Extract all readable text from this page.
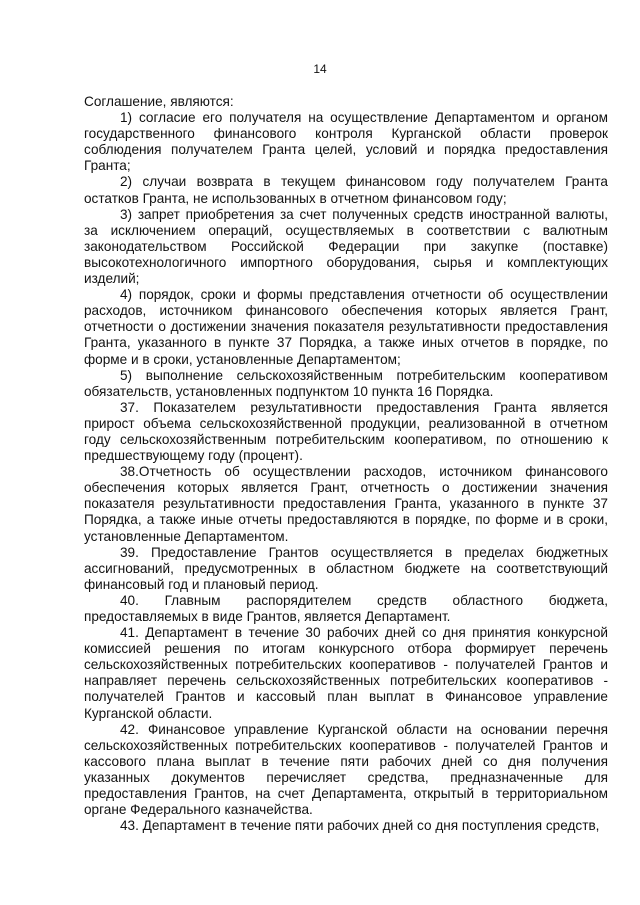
14

Соглашение, являются:

1) согласие его получателя на осуществление Департаментом и органом государственного финансового контроля Курганской области проверок соблюдения получателем Гранта целей, условий и порядка предоставления Гранта;

2) случаи возврата в текущем финансовом году получателем Гранта остатков Гранта, не использованных в отчетном финансовом году;

3) запрет приобретения за счет полученных средств иностранной валюты, за исключением операций, осуществляемых в соответствии с валютным законодательством Российской Федерации при закупке (поставке) высокотехнологичного импортного оборудования, сырья и комплектующих изделий;

4) порядок, сроки и формы представления отчетности об осуществлении расходов, источником финансового обеспечения которых является Грант, отчетности о достижении значения показателя результативности предоставления Гранта, указанного в пункте 37 Порядка, а также иных отчетов в порядке, по форме и в сроки, установленные Департаментом;

5) выполнение сельскохозяйственным потребительским кооперативом обязательств, установленных подпунктом 10 пункта 16 Порядка.

37. Показателем результативности предоставления Гранта является прирост объема сельскохозяйственной продукции, реализованной в отчетном году сельскохозяйственным потребительским кооперативом, по отношению к предшествующему году (процент).

38.Отчетность об осуществлении расходов, источником финансового обеспечения которых является Грант, отчетность о достижении значения показателя результативности предоставления Гранта, указанного в пункте 37 Порядка, а также иные отчеты предоставляются в порядке, по форме и в сроки, установленные Департаментом.

39. Предоставление Грантов осуществляется в пределах бюджетных ассигнований, предусмотренных в областном бюджете на соответствующий финансовый год и плановый период.

40. Главным распорядителем средств областного бюджета, предоставляемых в виде Грантов, является Департамент.

41. Департамент в течение 30 рабочих дней со дня принятия конкурсной комиссией решения по итогам конкурсного отбора формирует перечень сельскохозяйственных потребительских кооперативов - получателей Грантов и направляет перечень сельскохозяйственных потребительских кооперативов - получателей Грантов и кассовый план выплат в Финансовое управление Курганской области.

42. Финансовое управление Курганской области на основании перечня сельскохозяйственных потребительских кооперативов - получателей Грантов и кассового плана выплат в течение пяти рабочих дней со дня получения указанных документов перечисляет средства, предназначенные для предоставления Грантов, на счет Департамента, открытый в территориальном органе Федерального казначейства.

43. Департамент в течение пяти рабочих дней со дня поступления средств,
